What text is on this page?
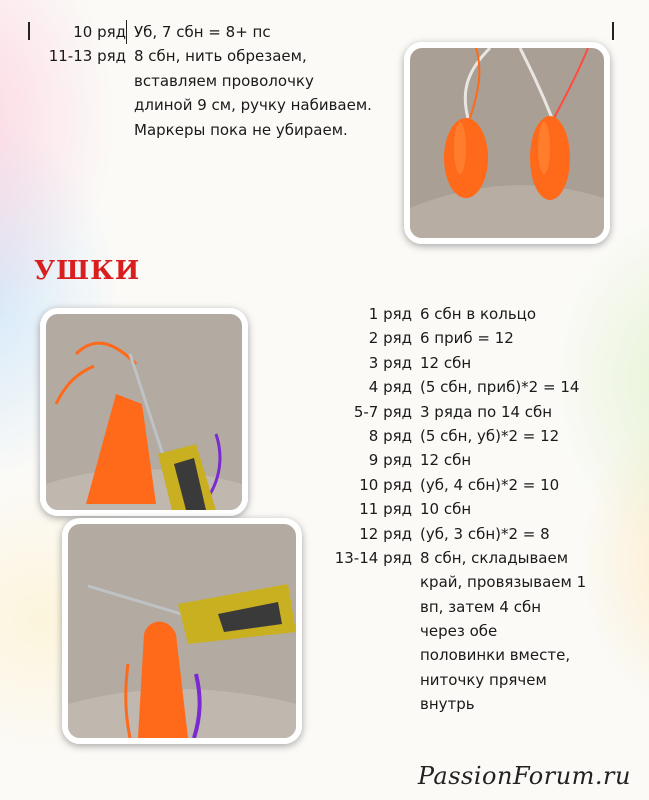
10 ряд Уб, 7 сбн = 8+ пс
11-13 ряд 8 сбн, нить обрезаем,
вставляем проволочку
длиной 9 см, ручку набиваем.
Маркеры пока не убираем.
УШКИ
1 ряд 6 сбн в кольцо
2 ряд 6 приб = 12
3 ряд 12 сбн
4 ряд (5 сбн, приб)*2 = 14
5-7 ряд 3 ряда по 14 сбн
8 ряд (5 сбн, уб)*2 = 12
9 ряд 12 сбн
10 ряд (уб, 4 сбн)*2 = 10
11 ряд 10 сбн
12 ряд (уб, 3 сбн)*2 = 8
13-14 ряд 8 сбн, складываем
край, провязываем 1
вп, затем 4 сбн
через обе
половинки вместе,
ниточку прячем
внутрь
PassionForum.ru
